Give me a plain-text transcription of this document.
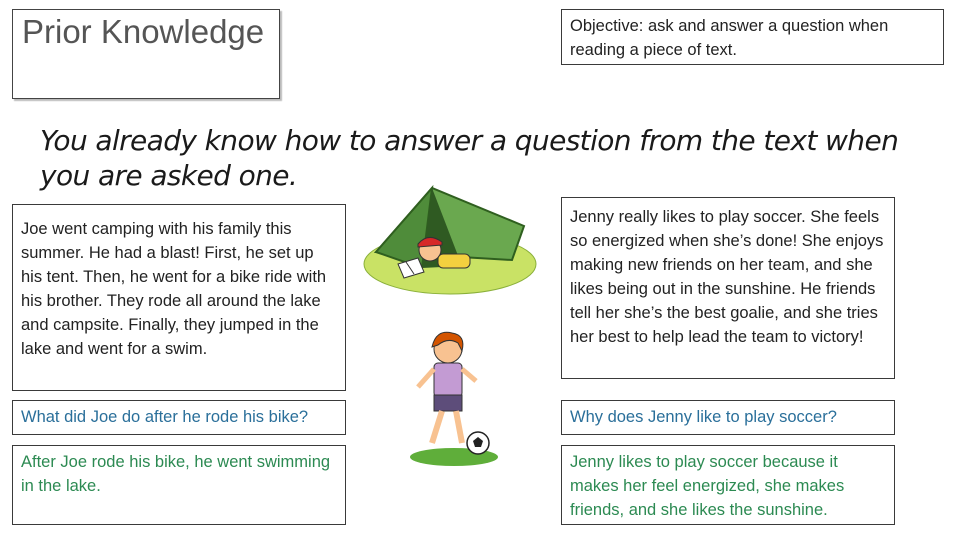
Prior Knowledge	Objective: ask and answer a question when reading a piece of text.
You already know how to answer a question from the text when you are asked one.
Joe went camping with his family this summer. He had a blast! First, he set up his tent. Then, he went for a bike ride with his brother. They rode all around the lake and campsite. Finally, they jumped in the lake and went for a swim.
Jenny really likes to play soccer. She feels so energized when she’s done! She enjoys making new friends on her team, and she likes being out in the sunshine. He friends tell her she’s the best goalie, and she tries her best to help lead the team to victory!
What did Joe do after he rode his bike?	Why does Jenny like to play soccer?
After Joe rode his bike, he went swimming in the lake.
Jenny likes to play soccer because it makes her feel energized, she makes friends, and she likes the sunshine.
